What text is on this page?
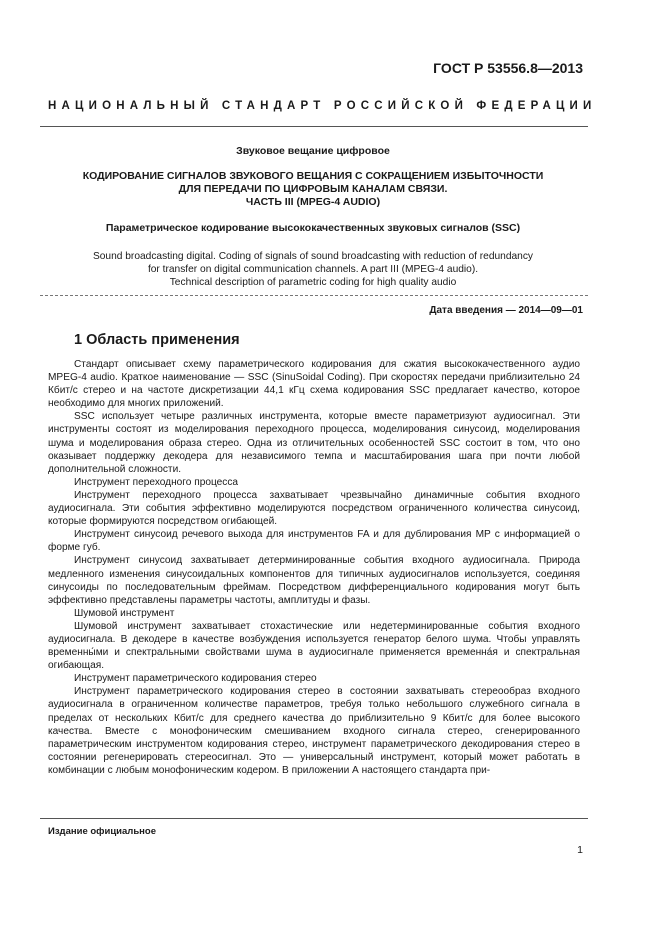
ГОСТ Р 53556.8—2013
НАЦИОНАЛЬНЫЙ СТАНДАРТ РОССИЙСКОЙ ФЕДЕРАЦИИ
Звуковое вещание цифровое
КОДИРОВАНИЕ СИГНАЛОВ ЗВУКОВОГО ВЕЩАНИЯ С СОКРАЩЕНИЕМ ИЗБЫТОЧНОСТИ
ДЛЯ ПЕРЕДАЧИ ПО ЦИФРОВЫМ КАНАЛАМ СВЯЗИ.
ЧАСТЬ III (MPEG-4 AUDIO)
Параметрическое кодирование высококачественных звуковых сигналов (SSC)
Sound broadcasting digital. Coding of signals of sound broadcasting with reduction of redundancy
for transfer on digital communication channels. A part III (MPEG-4 audio).
Technical description of parametric coding for high quality audio
Дата введения — 2014—09—01
1 Область применения

Стандарт описывает схему параметрического кодирования для сжатия высококачественного аудио MPEG-4 audio. Краткое наименование — SSC (SinuSoidal Coding). При скоростях передачи приблизительно 24 Кбит/с стерео и на частоте дискретизации 44,1 кГц схема кодирования SSC предлагает качество, которое необходимо для многих приложений.

SSC использует четыре различных инструмента, которые вместе параметризуют аудиосигнал. Эти инструменты состоят из моделирования переходного процесса, моделирования синусоид, моделирования шума и моделирования образа стерео. Одна из отличительных особенностей SSC состоит в том, что оно оказывает поддержку декодера для независимого темпа и масштабирования шага при почти любой дополнительной сложности.

Инструмент переходного процесса

Инструмент переходного процесса захватывает чрезвычайно динамичные события входного аудиосигнала. Эти события эффективно моделируются посредством ограниченного количества синусоид, которые формируются посредством огибающей.

Инструмент синусоид речевого выхода для инструментов FA и для дублирования MP с информацией о форме губ.

Инструмент синусоид захватывает детерминированные события входного аудиосигнала. Природа медленного изменения синусоидальных компонентов для типичных аудиосигналов используется, соединяя синусоиды по последовательным фреймам. Посредством дифференциального кодирования могут быть эффективно представлены параметры частоты, амплитуды и фазы.

Шумовой инструмент

Шумовой инструмент захватывает стохастические или недетерминированные события входного аудиосигнала. В декодере в качестве возбуждения используется генератор белого шума. Чтобы управлять временны́ми и спектральными свойствами шума в аудиосигнале применяется временна́я и спектральная огибающая.

Инструмент параметрического кодирования стерео

Инструмент параметрического кодирования стерео в состоянии захватывать стереообраз входного аудиосигнала в ограниченном количестве параметров, требуя только небольшого служебного сигнала в пределах от нескольких Кбит/с для среднего качества до приблизительно 9 Кбит/с для более высокого качества. Вместе с монофоническим смешиванием входного сигнала стерео, сгенерированного параметрическим инструментом кодирования стерео, инструмент параметрического декодирования стерео в состоянии регенерировать стереосигнал. Это — универсальный инструмент, который может работать в комбинации с любым монофоническим кодером. В приложении А настоящего стандарта при-

Издание официальное
1
